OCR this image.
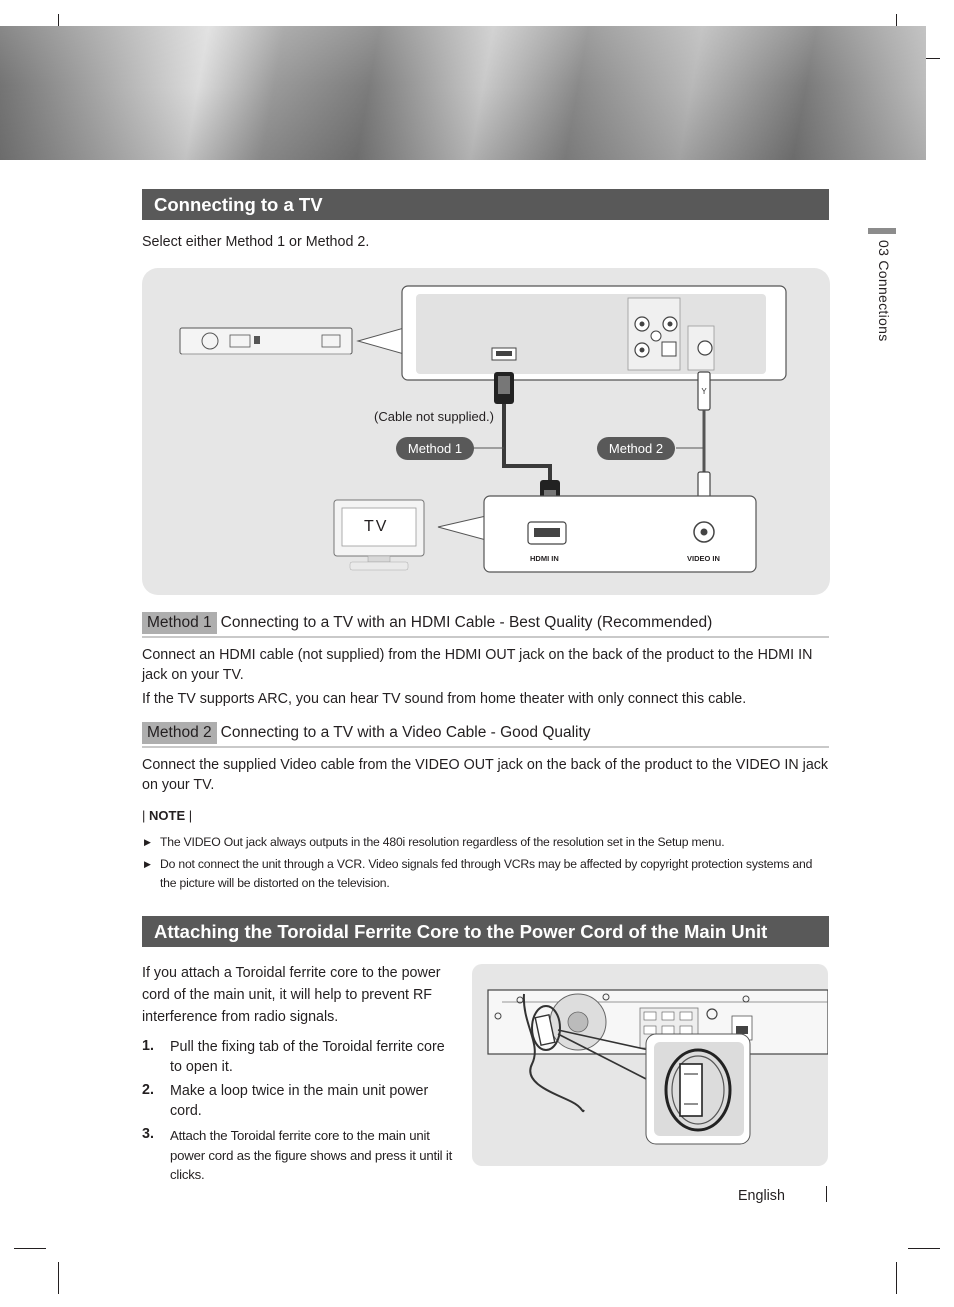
03 Connections
Connecting to a TV
Select either Method 1 or Method 2.
Y
(Cable not supplied.)
Method 1	Method 2
TV
HDMI IN	VIDEO IN
Method 1 Connecting to a TV with an HDMI Cable - Best Quality (Recommended)
Connect an HDMI cable (not supplied) from the HDMI OUT jack on the back of the product to the HDMI IN jack on your TV.
If the TV supports ARC, you can hear TV sound from home theater with only connect this cable.
Method 2 Connecting to a TV with a Video Cable - Good Quality
Connect the supplied Video cable from the VIDEO OUT jack on the back of the product to the VIDEO IN jack on your TV.
| NOTE |
▶ The VIDEO Out jack always outputs in the 480i resolution regardless of the resolution set in the Setup menu.
▶ Do not connect the unit through a VCR. Video signals fed through VCRs may be affected by copyright protection systems and the picture will be distorted on the television.
Attaching the Toroidal Ferrite Core to the Power Cord of the Main Unit
If you attach a Toroidal ferrite core to the power cord of the main unit, it will help to prevent RF interference from radio signals.
1. Pull the fixing tab of the Toroidal ferrite core to open it.
2. Make a loop twice in the main unit power cord.
3. Attach the Toroidal ferrite core to the main unit power cord as the figure shows and press it until it clicks.
English
